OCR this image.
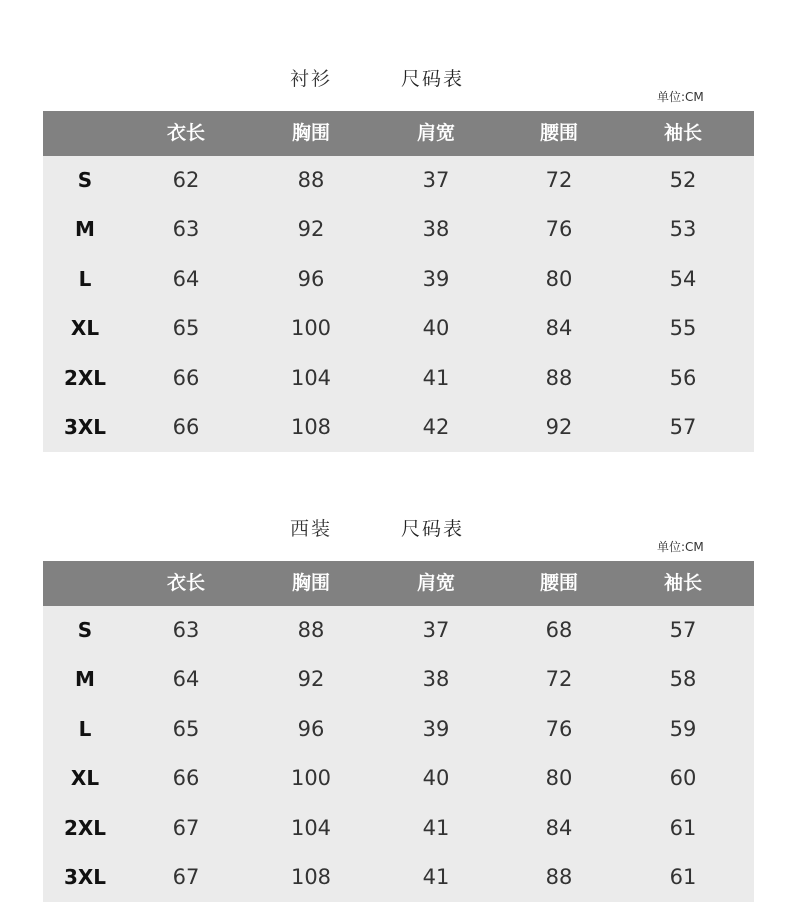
衬衫	尺码表
单位:CM
衣长	胸围	肩宽	腰围	袖长
S	62	88	37	72	52
M	63	92	38	76	53
L	64	96	39	80	54
XL	65	100	40	84	55
2XL	66	104	41	88	56
3XL	66	108	42	92	57
西装	尺码表
单位:CM
衣长	胸围	肩宽	腰围	袖长
S	63	88	37	68	57
M	64	92	38	72	58
L	65	96	39	76	59
XL	66	100	40	80	60
2XL	67	104	41	84	61
3XL	67	108	41	88	61
